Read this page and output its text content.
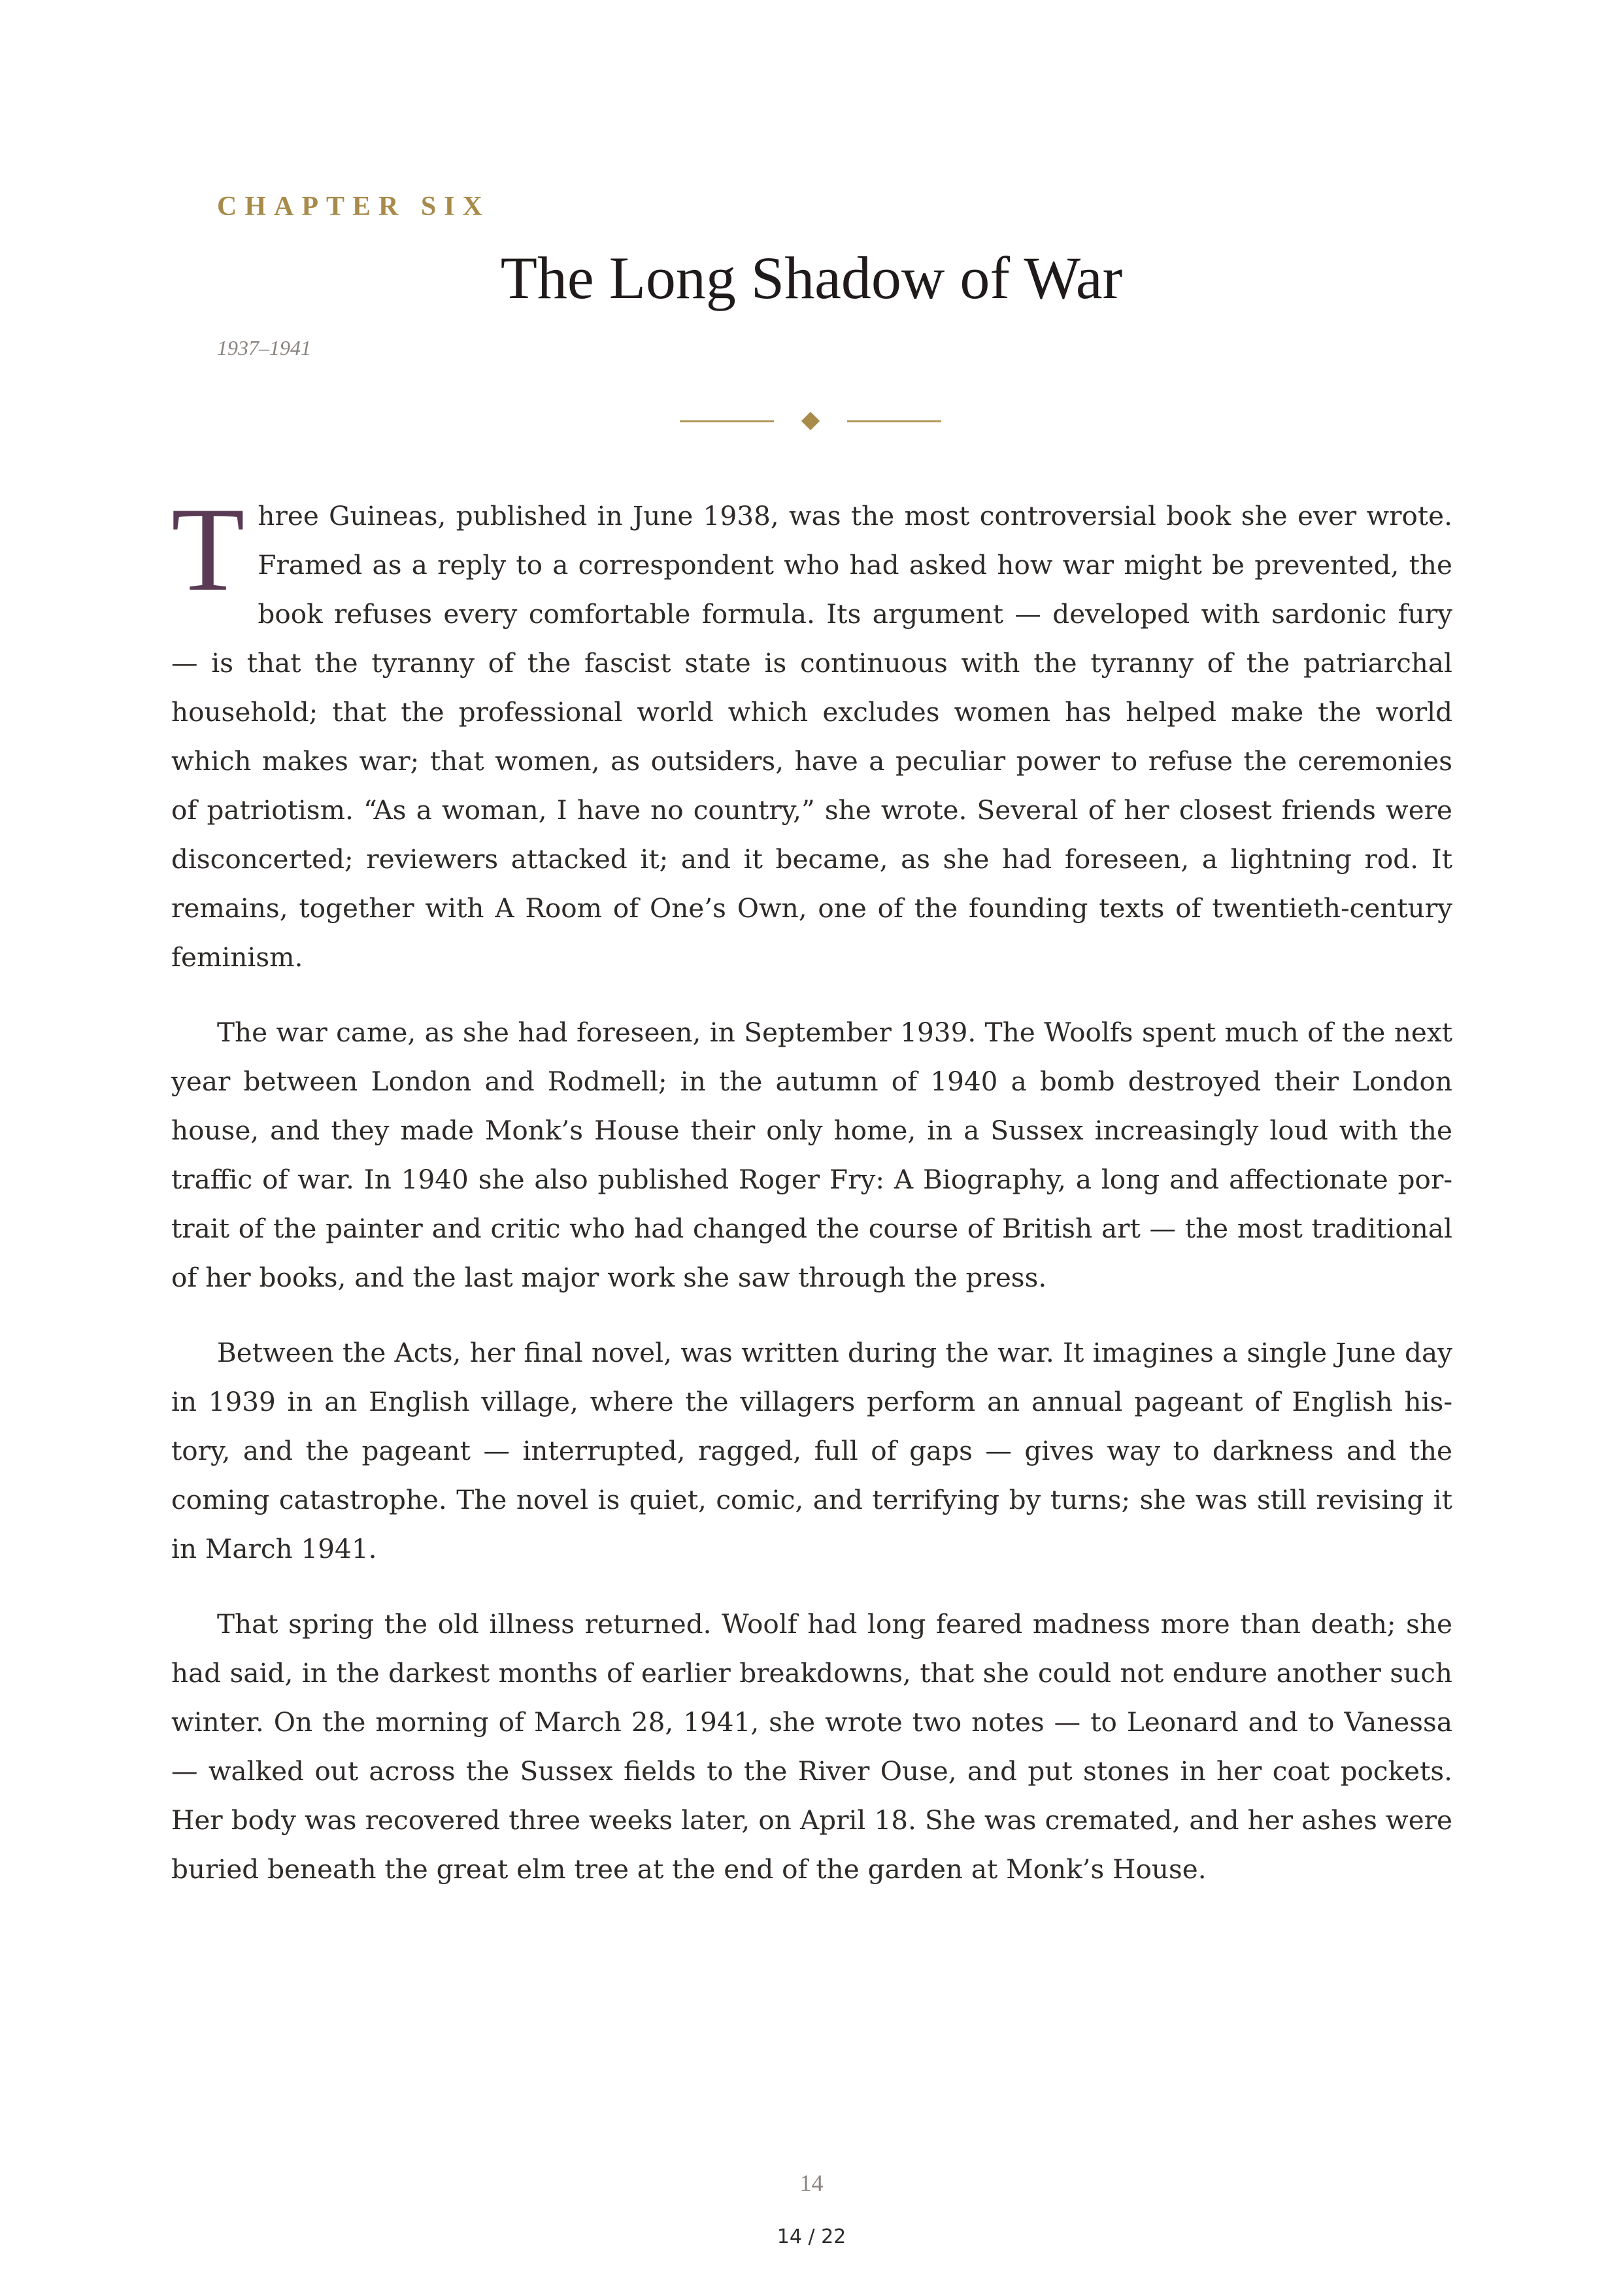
CHAPTER SIX
The Long Shadow of War
1937–1941

Three Guineas, published in June 1938, was the most controversial book she ever wrote. Framed as a reply to a correspondent who had asked how war might be prevented, the book refuses every comfortable formula. Its argument — developed with sardonic fury — is that the tyranny of the fascist state is continuous with the tyranny of the patriarchal household; that the professional world which excludes women has helped make the world which makes war; that women, as outsiders, have a peculiar power to refuse the ceremonies of patriotism. “As a woman, I have no country,” she wrote. Several of her closest friends were disconcerted; reviewers attacked it; and it became, as she had foreseen, a lightning rod. It remains, together with A Room of One’s Own, one of the founding texts of twentieth-century feminism.

The war came, as she had foreseen, in September 1939. The Woolfs spent much of the next year between London and Rodmell; in the autumn of 1940 a bomb destroyed their London house, and they made Monk’s House their only home, in a Sussex increasingly loud with the traffic of war. In 1940 she also published Roger Fry: A Biography, a long and affectionate portrait of the painter and critic who had changed the course of British art — the most traditional of her books, and the last major work she saw through the press.

Between the Acts, her final novel, was written during the war. It imagines a single June day in 1939 in an English village, where the villagers perform an annual pageant of English history, and the pageant — interrupted, ragged, full of gaps — gives way to darkness and the coming catastrophe. The novel is quiet, comic, and terrifying by turns; she was still revising it in March 1941.

That spring the old illness returned. Woolf had long feared madness more than death; she had said, in the darkest months of earlier breakdowns, that she could not endure another such winter. On the morning of March 28, 1941, she wrote two notes — to Leonard and to Vanessa — walked out across the Sussex fields to the River Ouse, and put stones in her coat pockets. Her body was recovered three weeks later, on April 18. She was cremated, and her ashes were buried beneath the great elm tree at the end of the garden at Monk’s House.

14
14 / 22
